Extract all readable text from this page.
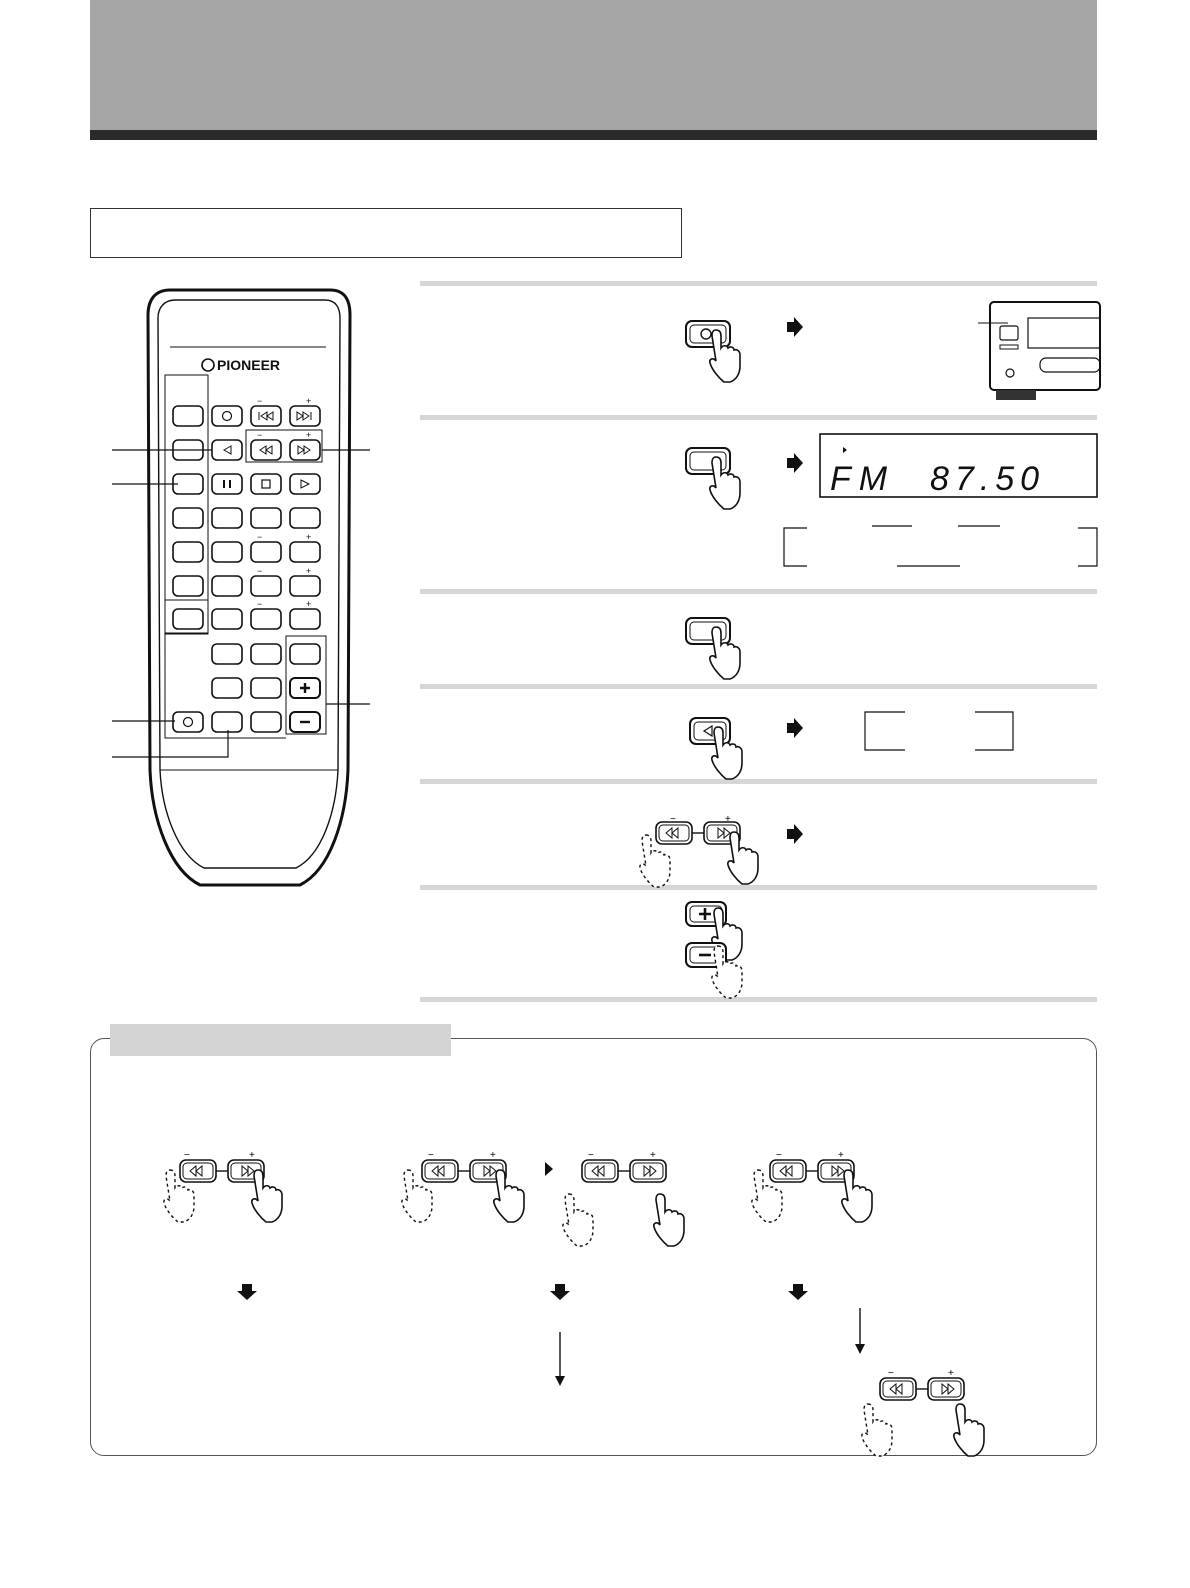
PIONEER
−	+
−	+
−	+
−	+
−	+
FM 87.50
−	+
−	+	−	+	−	+	−	+
−	+
